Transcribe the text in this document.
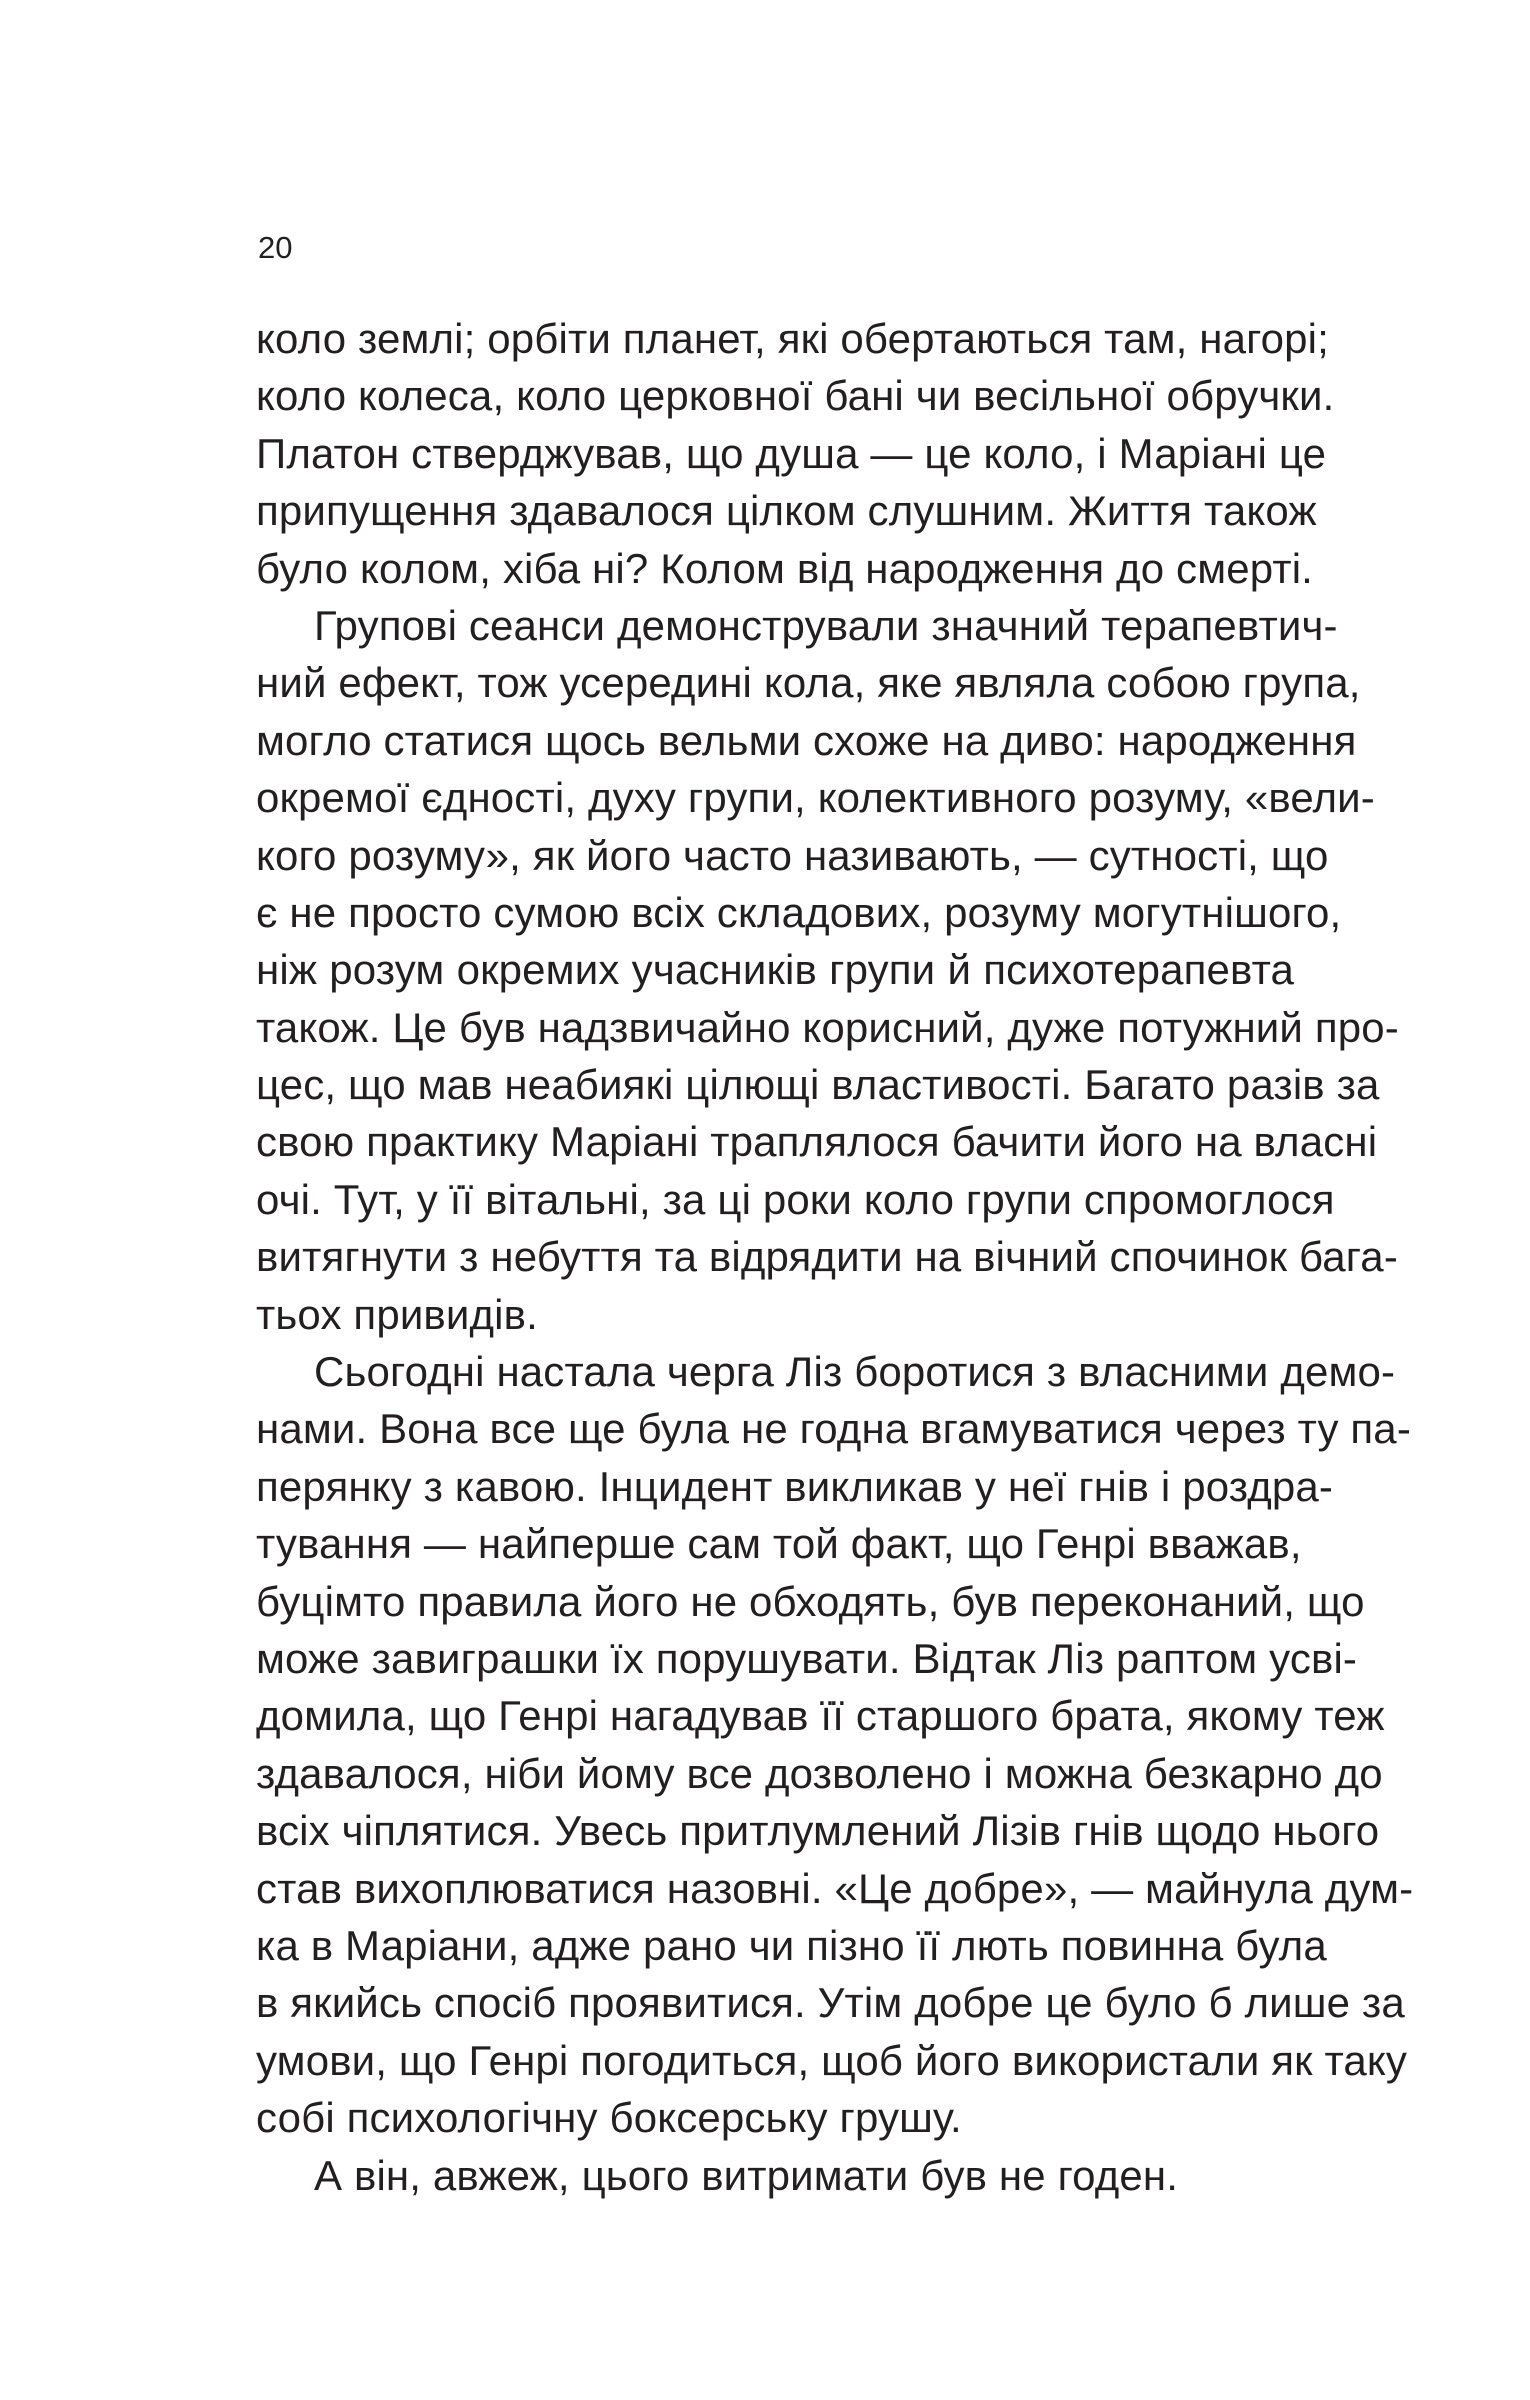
20
коло землі; орбіти планет, які обертаються там, нагорі;
коло колеса, коло церковної бані чи весільної обручки.
Платон стверджував, що душа — це коло, і Маріані це
припущення здавалося цілком слушним. Життя також
було колом, хіба ні? Колом від народження до смерті.
Групові сеанси демонстрували значний терапевтич-
ний ефект, тож усередині кола, яке являла собою група,
могло статися щось вельми схоже на диво: народження
окремої єдності, духу групи, колективного розуму, «вели-
кого розуму», як його часто називають, — сутності, що
є не просто сумою всіх складових, розуму могутнішого,
ніж розум окремих учасників групи й психотерапевта
також. Це був надзвичайно корисний, дуже потужний про-
цес, що мав неабиякі цілющі властивості. Багато разів за
свою практику Маріані траплялося бачити його на власні
очі. Тут, у її вітальні, за ці роки коло групи спромоглося
витягнути з небуття та відрядити на вічний спочинок бага-
тьох привидів.
Сьогодні настала черга Ліз боротися з власними демо-
нами. Вона все ще була не годна вгамуватися через ту па-
перянку з кавою. Інцидент викликав у неї гнів і роздра-
тування — найперше сам той факт, що Генрі вважав,
буцімто правила його не обходять, був переконаний, що
може завиграшки їх порушувати. Відтак Ліз раптом усві-
домила, що Генрі нагадував її старшого брата, якому теж
здавалося, ніби йому все дозволено і можна безкарно до
всіх чіплятися. Увесь притлумлений Лізів гнів щодо нього
став вихоплюватися назовні. «Це добре», — майнула дум-
ка в Маріани, адже рано чи пізно її лють повинна була
в якийсь спосіб проявитися. Утім добре це було б лише за
умови, що Генрі погодиться, щоб його використали як таку
собі психологічну боксерську грушу.
А він, авжеж, цього витримати був не годен.
